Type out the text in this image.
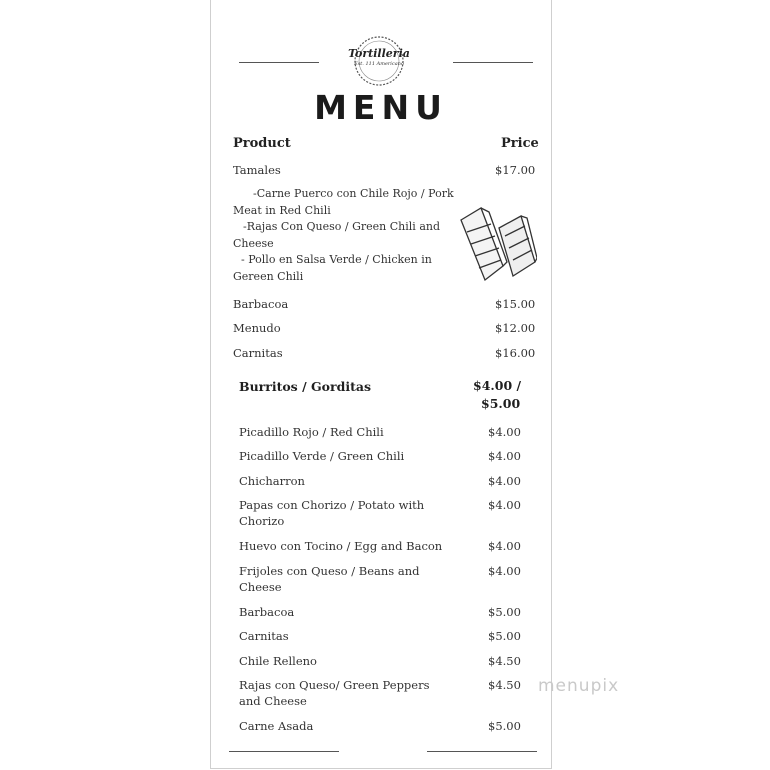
Tortilleria
Est. 111 Americano
MENU
Product	Price
Tamales	$17.00
-Carne Puerco con Chile Rojo / Pork Meat in Red Chili
-Rajas Con Queso / Green Chili and Cheese
- Pollo en Salsa Verde / Chicken in Gereen Chili
Barbacoa	$15.00
Menudo	$12.00
Carnitas	$16.00
Burritos / Gorditas	$4.00 /
$5.00
Picadillo Rojo / Red Chili	$4.00
Picadillo Verde / Green Chili	$4.00
Chicharron	$4.00
Papas con Chorizo / Potato with Chorizo
$4.00
Huevo con Tocino / Egg and Bacon	$4.00
Frijoles con Queso / Beans and Cheese
$4.00
Barbacoa	$5.00
Carnitas	$5.00
Chile Relleno	$4.50
Rajas con Queso/ Green Peppers and Cheese
$4.50
Carne Asada	$5.00
menupix
